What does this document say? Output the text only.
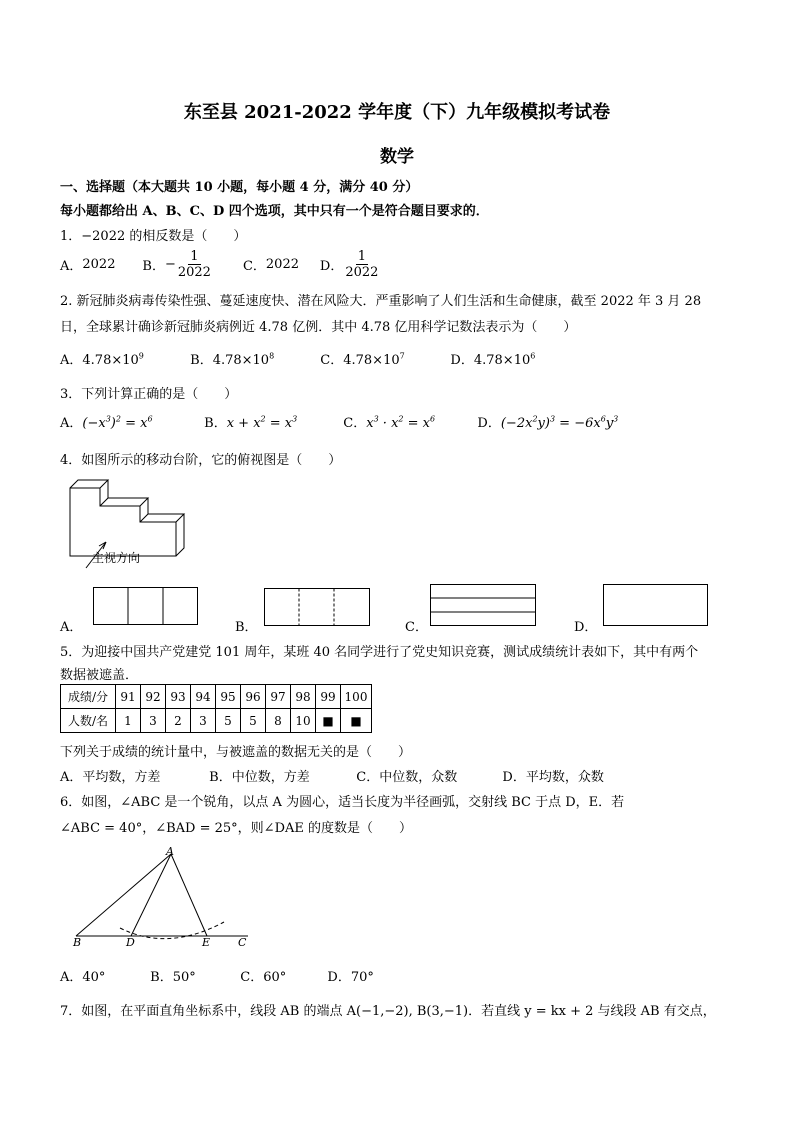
东至县 2021-2022 学年度（下）九年级模拟考试卷
数学
一、选择题（本大题共 10 小题，每小题 4 分，满分 40 分）
每小题都给出 A、B、C、D 四个选项，其中只有一个是符合题目要求的．
1．−2022 的相反数是（　　）
A． 2022	B． − $\frac{1}{2022}$ C． 2022	D． $\frac{1}{2022}$
2. 新冠肺炎病毒传染性强、蔓延速度快、潜在风险大．严重影响了人们生活和生命健康，截至 2022 年 3 月 28
日，全球累计确诊新冠肺炎病例近 4.78 亿例．其中 4.78 亿用科学记数法表示为（　　）
A．$4.78\times 10^9$	B．$4.78\times 10^8$	C．$4.78\times 10^7$	D．$4.78\times 10^6$
3．下列计算正确的是（　　）
A．$(-x^3)^2 = x^6$	B．$x + x^2 = x^3$	C．$x^3 \cdot x^2 = x^6$	D．$(-2x^2y)^3 = -6x^6y^3$
4．如图所示的移动台阶，它的俯视图是（　　）
主视方向
A．	B．	C．	D．
5．为迎接中国共产党建党 101 周年，某班 40 名同学进行了党史知识竞赛，测试成绩统计表如下，其中有两个
数据被遮盖．
成绩/分	91	92	93	94	95	96	97	98	99	100
人数/名	1	3	2	3	5	5	8	10	■	■
下列关于成绩的统计量中，与被遮盖的数据无关的是（　　）
A．平均数，方差	B．中位数，方差	C．中位数，众数	D．平均数，众数
6．如图，∠ABC 是一个锐角，以点 A 为圆心，适当长度为半径画弧，交射线 BC 于点 D，E．若
∠ABC = 40°，∠BAD = 25°，则∠DAE 的度数是（　　）
A
B	D	E	C
A．40°	B．50°	C．60°	D．70°
7．如图，在平面直角坐标系中，线段 AB 的端点 A(−1,−2), B(3,−1)．若直线 y = kx + 2 与线段 AB 有交点，
